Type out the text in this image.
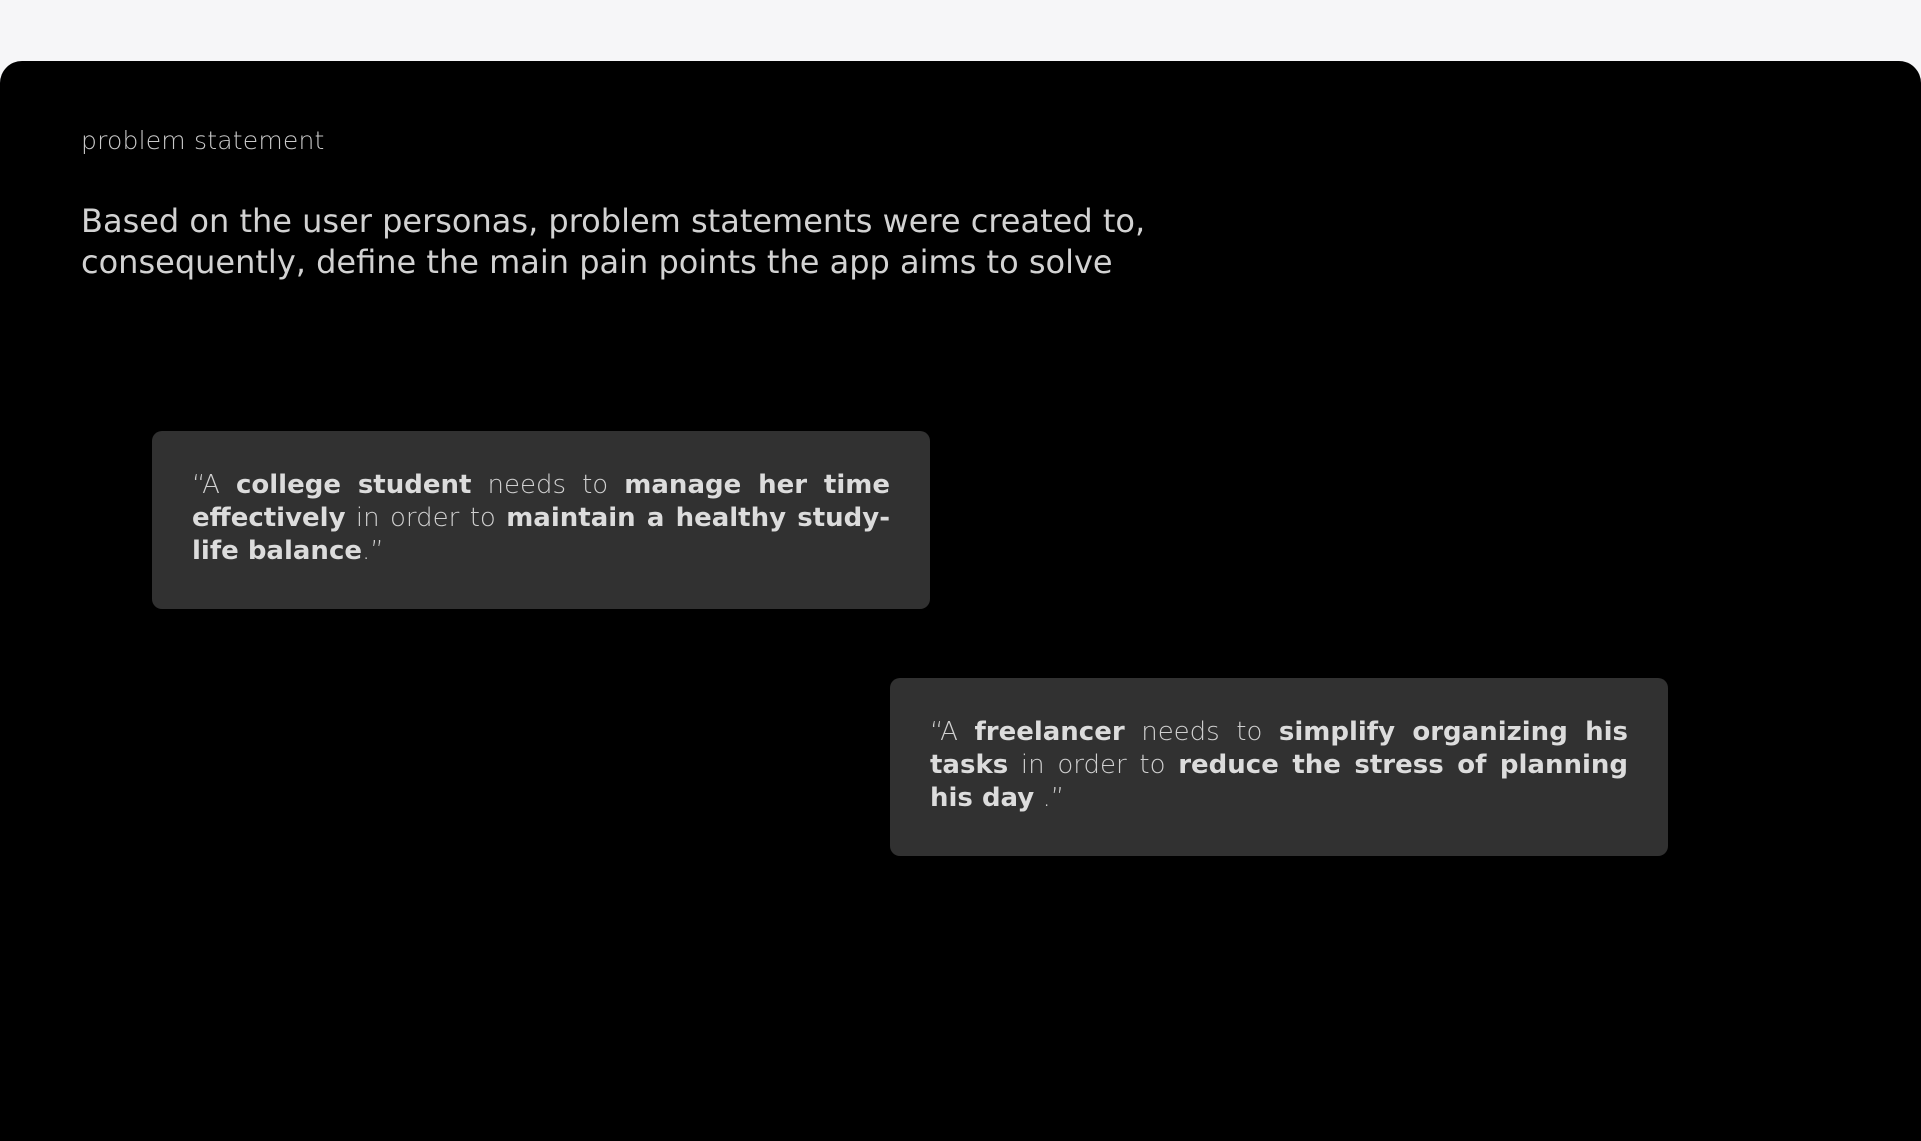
problem statement

Based on the user personas, problem statements were created to, consequently, define the main pain points the app aims to solve

“A college student needs to manage her time effectively in order to maintain a healthy study-life balance.”

“A freelancer needs to simplify organizing his tasks in order to reduce the stress of planning his day .”
